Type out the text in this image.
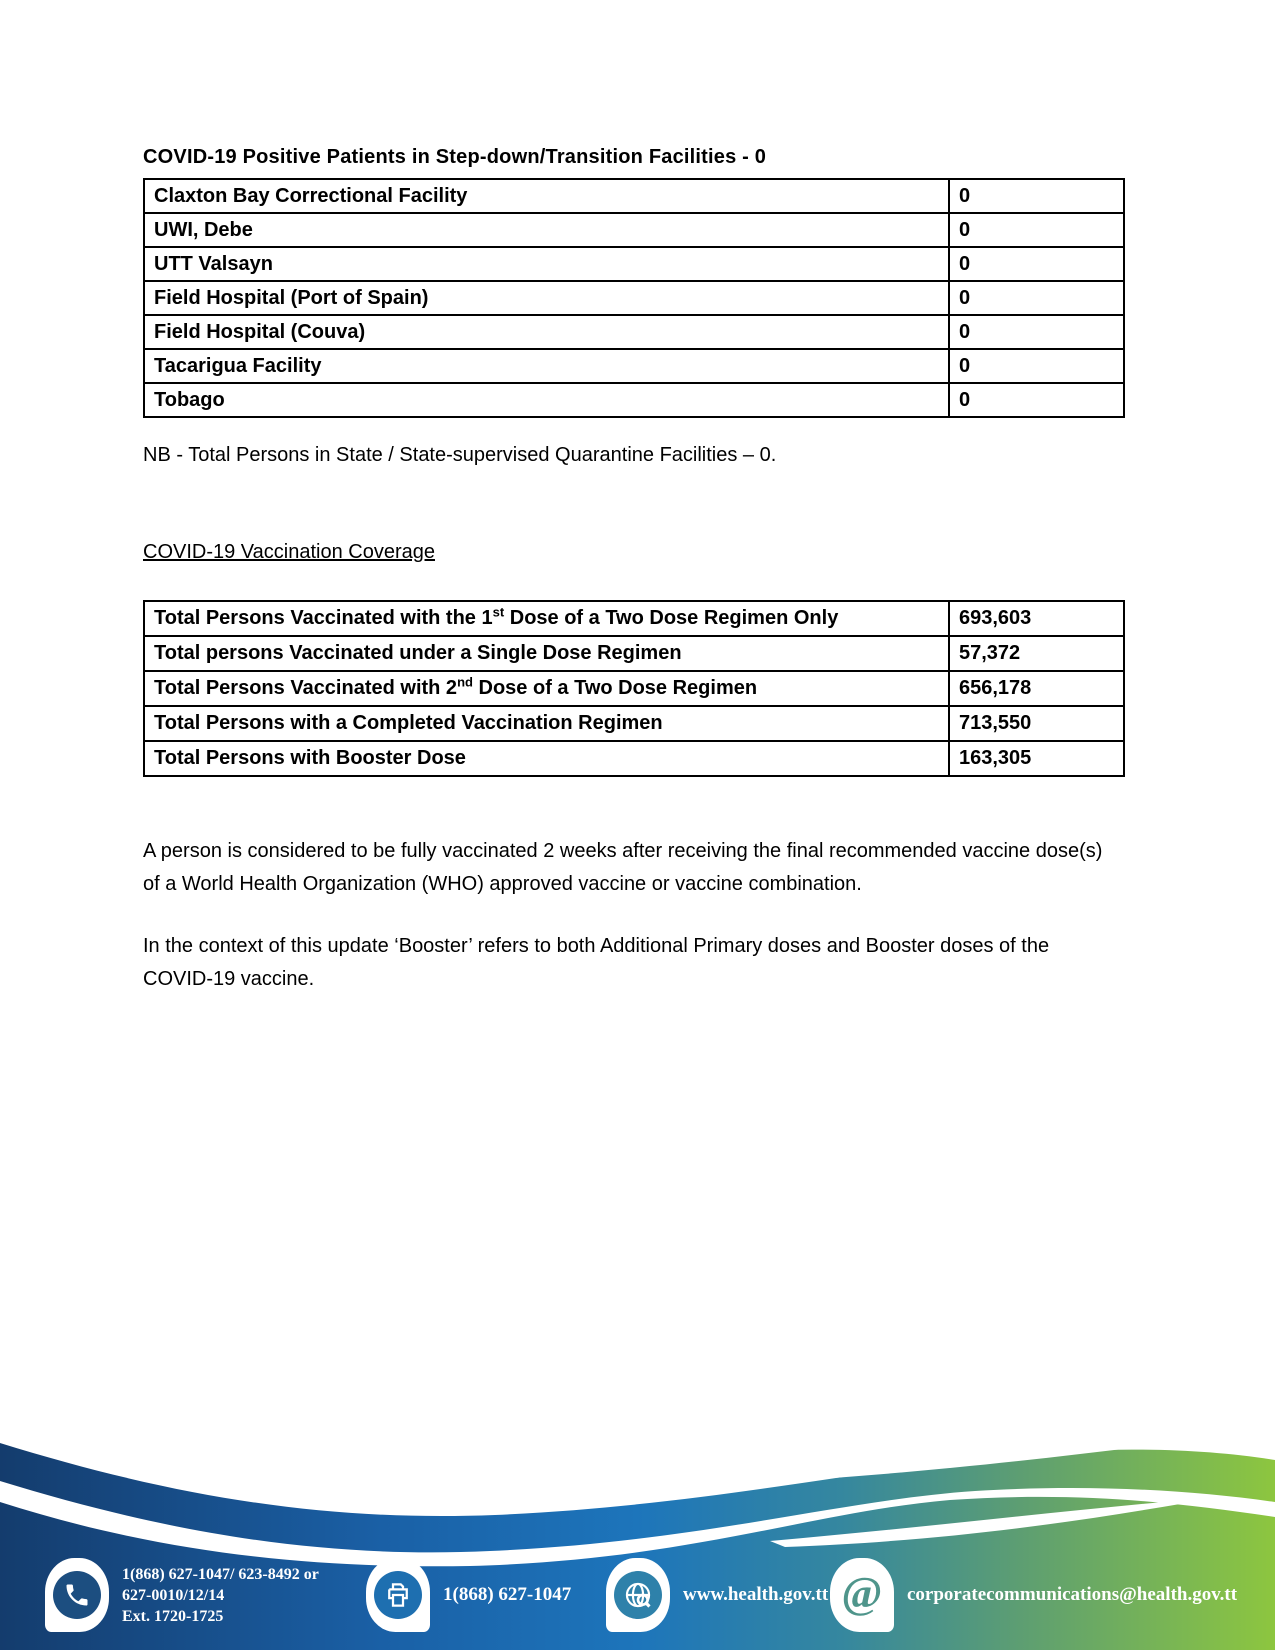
COVID-19 Positive Patients in Step-down/Transition Facilities - 0
Claxton Bay Correctional Facility	0
UWI, Debe	0
UTT Valsayn	0
Field Hospital (Port of Spain)	0
Field Hospital (Couva)	0
Tacarigua Facility	0
Tobago	0

NB - Total Persons in State / State-supervised Quarantine Facilities – 0.

COVID-19 Vaccination Coverage
Total Persons Vaccinated with the 1st Dose of a Two Dose Regimen Only	693,603
Total persons Vaccinated under a Single Dose Regimen	57,372
Total Persons Vaccinated with 2nd Dose of a Two Dose Regimen	656,178
Total Persons with a Completed Vaccination Regimen	713,550
Total Persons with Booster Dose	163,305

A person is considered to be fully vaccinated 2 weeks after receiving the final recommended vaccine dose(s) of a World Health Organization (WHO) approved vaccine or vaccine combination.

In the context of this update ‘Booster’ refers to both Additional Primary doses and Booster doses of the COVID-19 vaccine.

1(868) 627-1047/ 623-8492 or

627-0010/12/14

Ext. 1720-1725

1(868) 627-1047	www.health.gov.tt @ corporatecommunications@health.gov.tt
